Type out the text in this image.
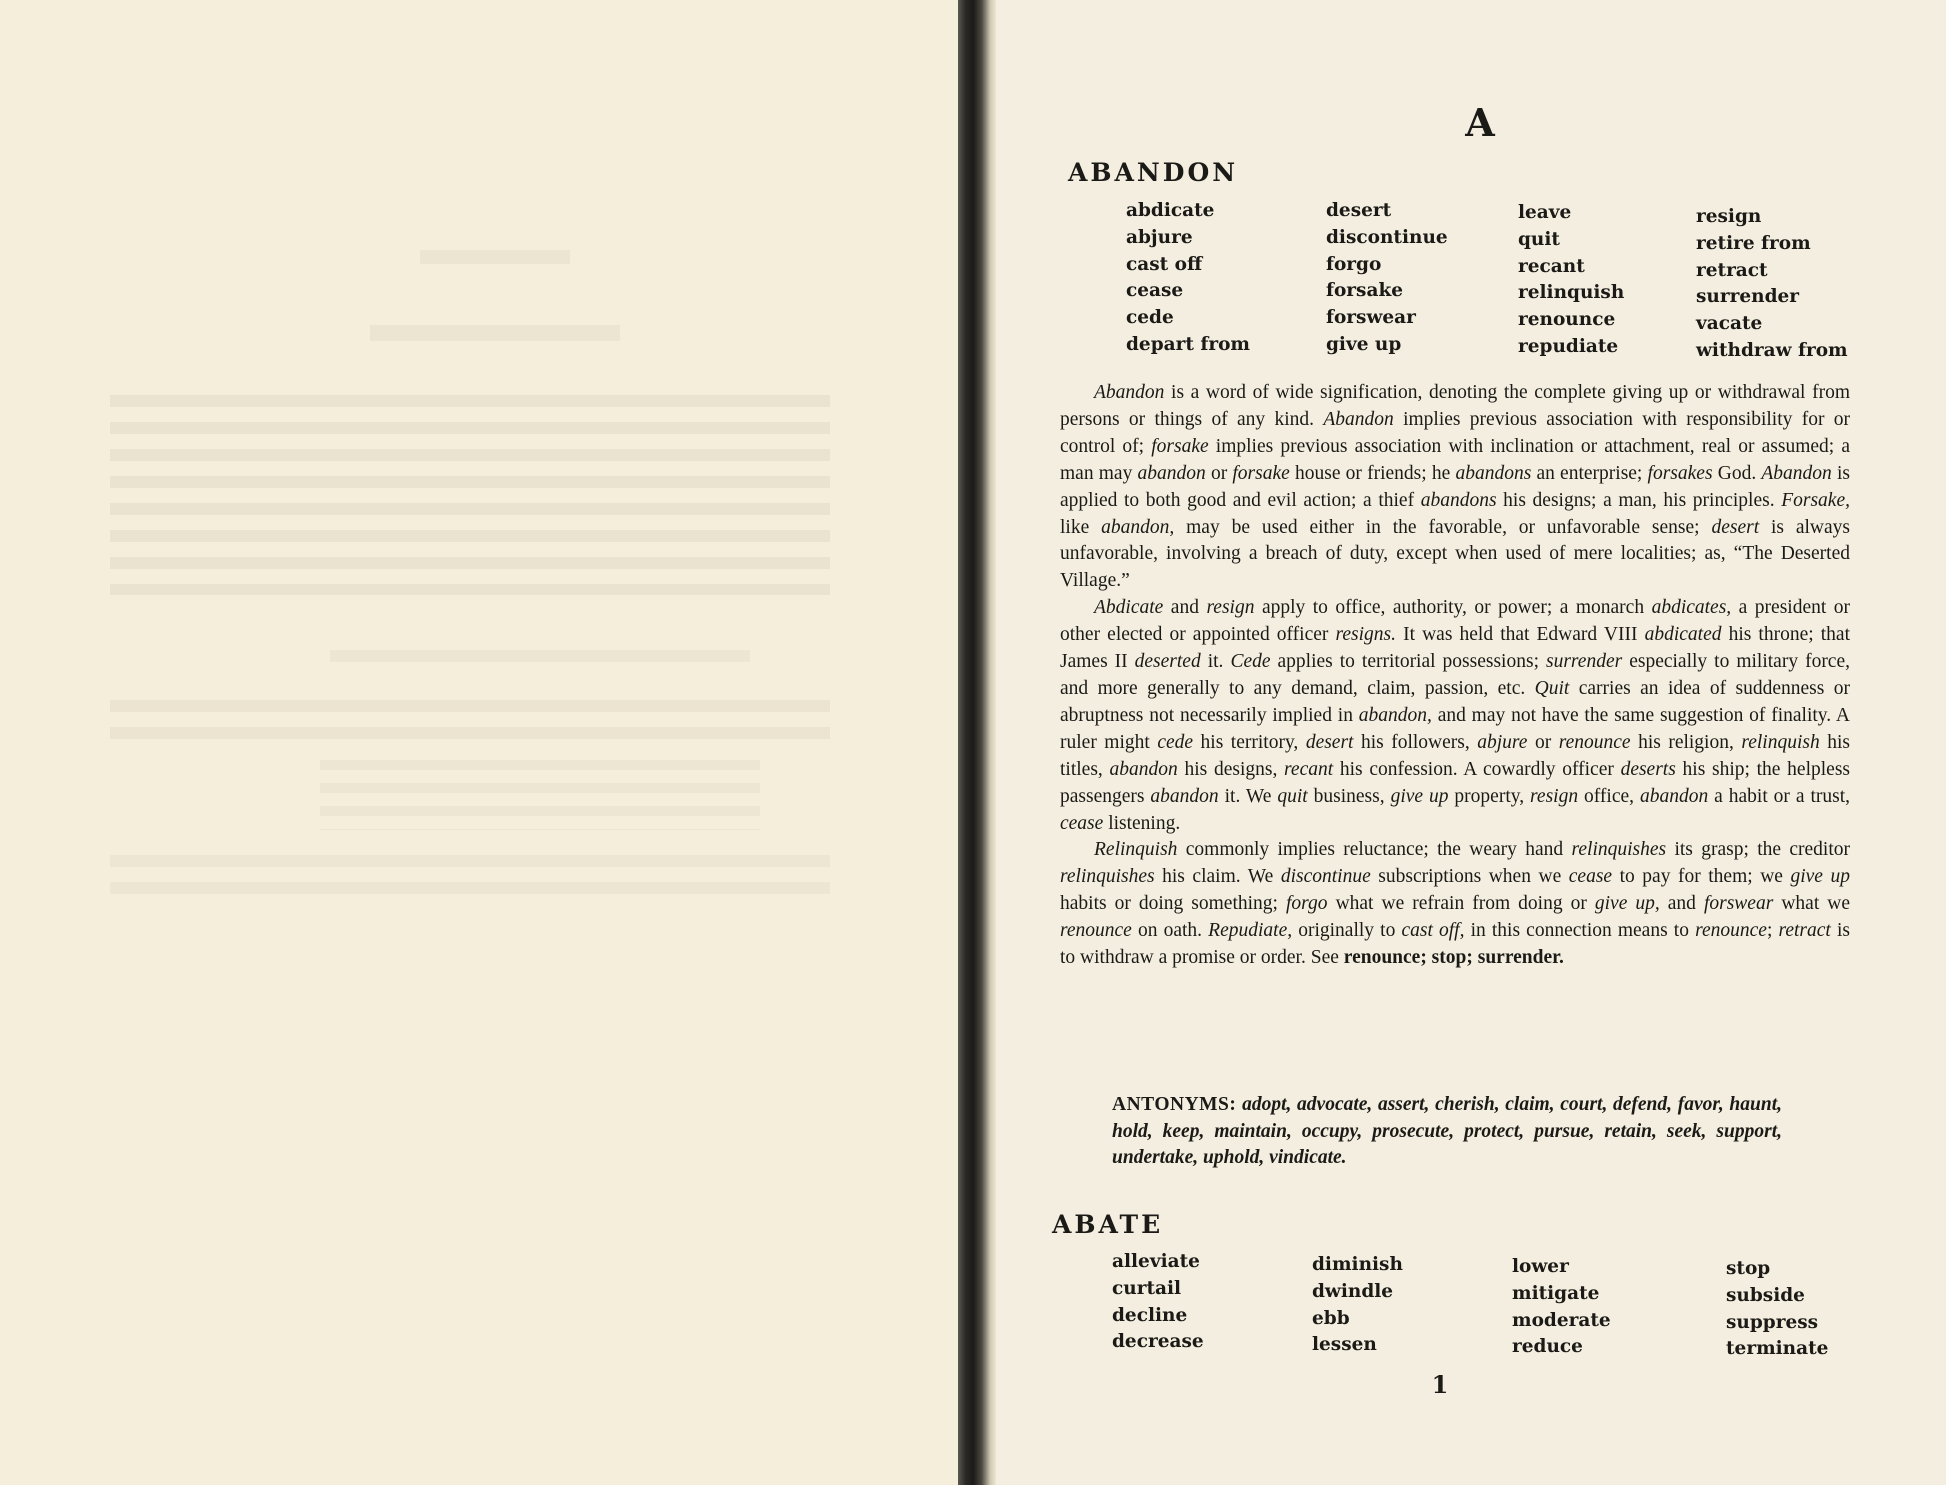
A
ABANDON
abdicate
abjure
cast off
cease
cede
depart from
desert
discontinue
forgo
forsake
forswear
give up
leave
quit
recant
relinquish
renounce
repudiate
resign
retire from
retract
surrender
vacate
withdraw from

Abandon is a word of wide signification, denoting the complete giving up or withdrawal from persons or things of any kind. Abandon implies previous association with responsibility for or control of; forsake implies previous association with inclination or attachment, real or assumed; a man may abandon or forsake house or friends; he abandons an enterprise; forsakes God. Abandon is applied to both good and evil action; a thief abandons his designs; a man, his principles. Forsake, like abandon, may be used either in the favorable, or unfavorable sense; desert is always unfavorable, involving a breach of duty, except when used of mere localities; as, “The Deserted Village.”

Abdicate and resign apply to office, authority, or power; a monarch abdicates, a president or other elected or appointed officer resigns. It was held that Edward VIII abdicated his throne; that James II deserted it. Cede applies to territorial possessions; surrender especially to military force, and more generally to any demand, claim, passion, etc. Quit carries an idea of suddenness or abruptness not necessarily implied in abandon, and may not have the same suggestion of finality. A ruler might cede his territory, desert his followers, abjure or renounce his religion, relinquish his titles, abandon his designs, recant his confession. A cowardly officer deserts his ship; the helpless passengers abandon it. We quit business, give up property, resign office, abandon a habit or a trust, cease listening.

Relinquish commonly implies reluctance; the weary hand relinquishes its grasp; the creditor relinquishes his claim. We discontinue subscriptions when we cease to pay for them; we give up habits or doing something; forgo what we refrain from doing or give up, and forswear what we renounce on oath. Repudiate, originally to cast off, in this connection means to renounce; retract is to withdraw a promise or order. See renounce; stop; surrender.

ANTONYMS: adopt, advocate, assert, cherish, claim, court, defend, favor, haunt, hold, keep, maintain, occupy, prosecute, protect, pursue, retain, seek, support, undertake, uphold, vindicate.
ABATE
alleviate
curtail
decline
decrease
diminish
dwindle
ebb
lessen
lower
mitigate
moderate
reduce
stop
subside
suppress
terminate
1
